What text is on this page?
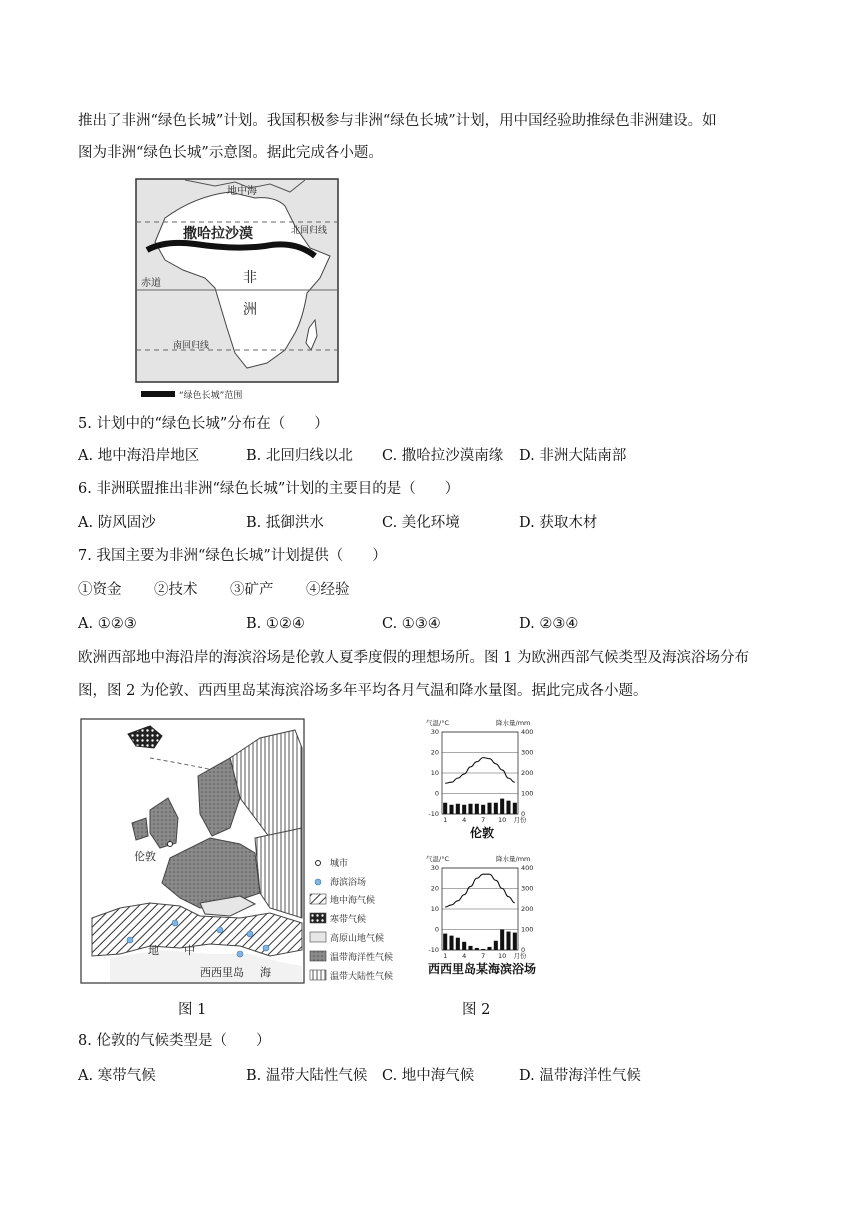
推出了非洲“绿色长城”计划。我国积极参与非洲“绿色长城”计划，用中国经验助推绿色非洲建设。如
图为非洲“绿色长城”示意图。据此完成各小题。
地中海
北回归线
撒哈拉沙漠
赤道	非
洲
南回归线
“绿色长城”范围
5. 计划中的“绿色长城”分布在（　　）
A. 地中海沿岸地区	B. 北回归线以北 C. 撒哈拉沙漠南缘 D. 非洲大陆南部
6. 非洲联盟推出非洲“绿色长城”计划的主要目的是（　　）
A. 防风固沙	B. 抵御洪水	C. 美化环境	D. 获取木材
7. 我国主要为非洲“绿色长城”计划提供（　　）
①资金 ②技术 ③矿产 ④经验
A. ①②③	B. ①②④	C. ①③④	D. ②③④
欧洲西部地中海沿岸的海滨浴场是伦敦人夏季度假的理想场所。图 1 为欧洲西部气候类型及海滨浴场分布
图，图 2 为伦敦、西西里岛某海滨浴场多年平均各月气温和降水量图。据此完成各小题。
伦敦
地 中
西西里岛 海
城市
海滨浴场
地中海气候
寒带气候
高原山地气候
温带海洋性气候
温带大陆性气候
图 1
气温/°C	降水量/mm
30
20
10
0
-10
400
300
200
100
0
1 4 7 10 月份
伦敦
气温/°C	降水量/mm
30
20
10
0
-10
400
300
200
100
0
1 4 7 10 月份
西西里岛某海滨浴场
图 2
8. 伦敦的气候类型是（　　）
A. 寒带气候	B. 温带大陆性气候 C. 地中海气候	D. 温带海洋性气候
